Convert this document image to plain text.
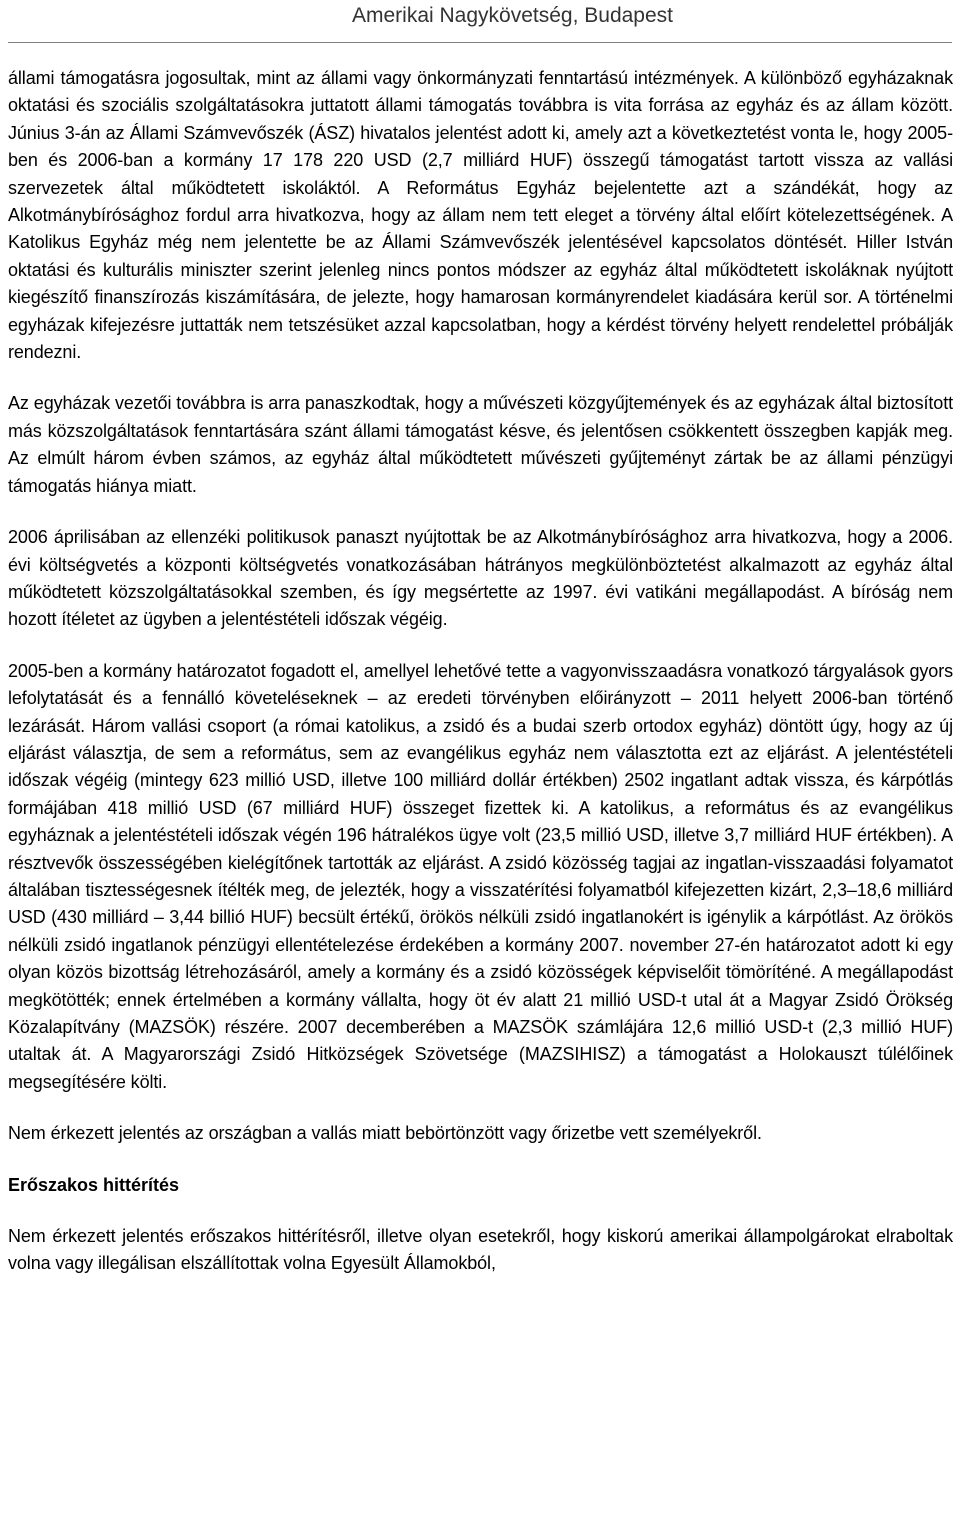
Amerikai Nagykövetség, Budapest

állami támogatásra jogosultak, mint az állami vagy önkormányzati fenntartású intézmények. A különböző egyházaknak oktatási és szociális szolgáltatásokra juttatott állami támogatás továbbra is vita forrása az egyház és az állam között. Június 3-án az Állami Számvevőszék (ÁSZ) hivatalos jelentést adott ki, amely azt a következtetést vonta le, hogy 2005-ben és 2006-ban a kormány 17 178 220 USD (2,7 milliárd HUF) összegű támogatást tartott vissza az vallási szervezetek által működtetett iskoláktól. A Református Egyház bejelentette azt a szándékát, hogy az Alkotmánybírósághoz fordul arra hivatkozva, hogy az állam nem tett eleget a törvény által előírt kötelezettségének. A Katolikus Egyház még nem jelentette be az Állami Számvevőszék jelentésével kapcsolatos döntését. Hiller István oktatási és kulturális miniszter szerint jelenleg nincs pontos módszer az egyház által működtetett iskoláknak nyújtott kiegészítő finanszírozás kiszámítására, de jelezte, hogy hamarosan kormányrendelet kiadására kerül sor. A történelmi egyházak kifejezésre juttatták nem tetszésüket azzal kapcsolatban, hogy a kérdést törvény helyett rendelettel próbálják rendezni.

Az egyházak vezetői továbbra is arra panaszkodtak, hogy a művészeti közgyűjtemények és az egyházak által biztosított más közszolgáltatások fenntartására szánt állami támogatást késve, és jelentősen csökkentett összegben kapják meg. Az elmúlt három évben számos, az egyház által működtetett művészeti gyűjteményt zártak be az állami pénzügyi támogatás hiánya miatt.

2006 áprilisában az ellenzéki politikusok panaszt nyújtottak be az Alkotmánybírósághoz arra hivatkozva, hogy a 2006. évi költségvetés a központi költségvetés vonatkozásában hátrányos megkülönböztetést alkalmazott az egyház által működtetett közszolgáltatásokkal szemben, és így megsértette az 1997. évi vatikáni megállapodást. A bíróság nem hozott ítéletet az ügyben a jelentéstételi időszak végéig.

2005-ben a kormány határozatot fogadott el, amellyel lehetővé tette a vagyonvisszaadásra vonatkozó tárgyalások gyors lefolytatását és a fennálló követeléseknek – az eredeti törvényben előirányzott – 2011 helyett 2006-ban történő lezárását. Három vallási csoport (a római katolikus, a zsidó és a budai szerb ortodox egyház) döntött úgy, hogy az új eljárást választja, de sem a református, sem az evangélikus egyház nem választotta ezt az eljárást. A jelentéstételi időszak végéig (mintegy 623 millió USD, illetve 100 milliárd dollár értékben) 2502 ingatlant adtak vissza, és kárpótlás formájában 418 millió USD (67 milliárd HUF) összeget fizettek ki. A katolikus, a református és az evangélikus egyháznak a jelentéstételi időszak végén 196 hátralékos ügye volt (23,5 millió USD, illetve 3,7 milliárd HUF értékben). A résztvevők összességében kielégítőnek tartották az eljárást. A zsidó közösség tagjai az ingatlan-visszaadási folyamatot általában tisztességesnek ítélték meg, de jelezték, hogy a visszatérítési folyamatból kifejezetten kizárt, 2,3–18,6 milliárd USD (430 milliárd – 3,44 billió HUF) becsült értékű, örökös nélküli zsidó ingatlanokért is igénylik a kárpótlást. Az örökös nélküli zsidó ingatlanok pénzügyi ellentételezése érdekében a kormány 2007. november 27-én határozatot adott ki egy olyan közös bizottság létrehozásáról, amely a kormány és a zsidó közösségek képviselőit tömöríténé. A megállapodást megkötötték; ennek értelmében a kormány vállalta, hogy öt év alatt 21 millió USD-t utal át a Magyar Zsidó Örökség Közalapítvány (MAZSÖK) részére. 2007 decemberében a MAZSÖK számlájára 12,6 millió USD-t (2,3 millió HUF) utaltak át. A Magyarországi Zsidó Hitközségek Szövetsége (MAZSIHISZ) a támogatást a Holokauszt túlélőinek megsegítésére költi.

Nem érkezett jelentés az országban a vallás miatt bebörtönzött vagy őrizetbe vett személyekről.

Erőszakos hittérítés

Nem érkezett jelentés erőszakos hittérítésről, illetve olyan esetekről, hogy kiskorú amerikai állampolgárokat elraboltak volna vagy illegálisan elszállítottak volna Egyesült Államokból,
